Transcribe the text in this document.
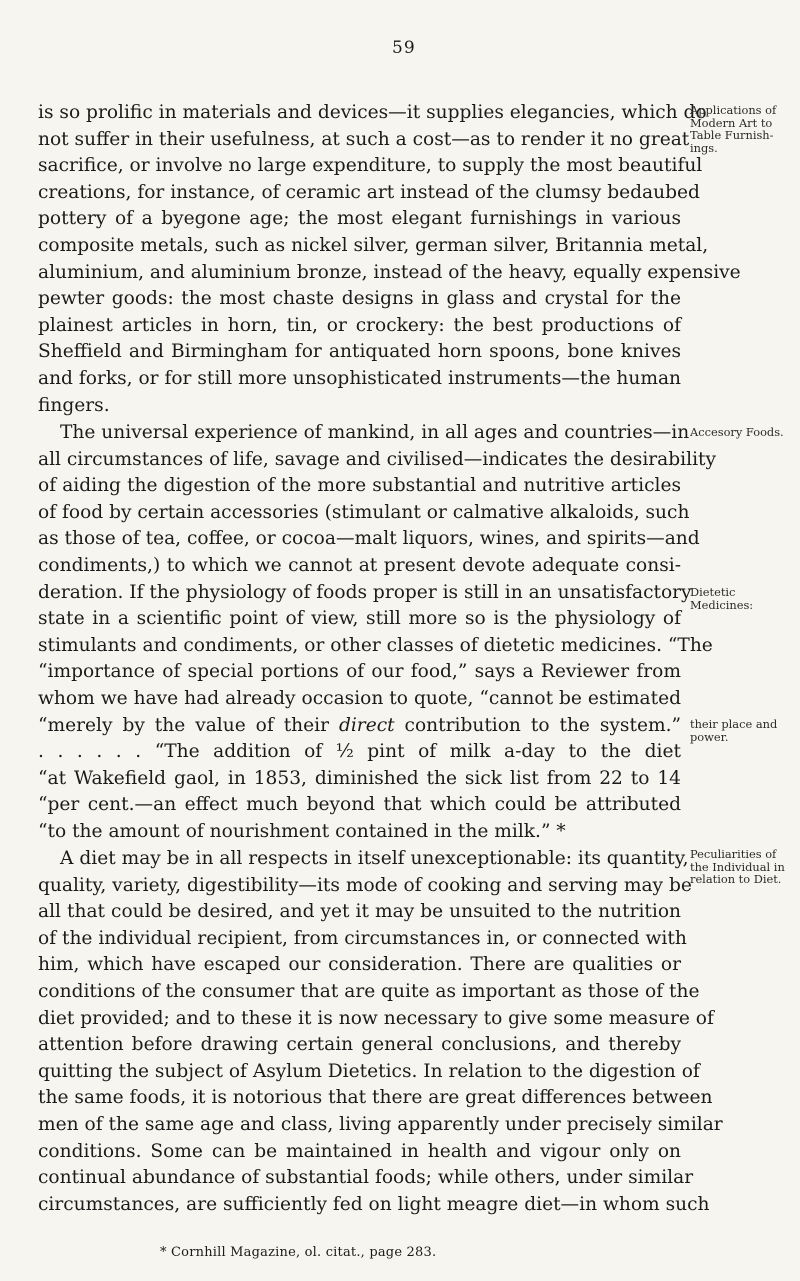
59
is so prolific in materials and devices—it supplies elegancies, which do
not suffer in their usefulness, at such a cost—as to render it no great
sacrifice, or involve no large expenditure, to supply the most beautiful
creations, for instance, of ceramic art instead of the clumsy bedaubed
pottery of a byegone age; the most elegant furnishings in various
composite metals, such as nickel silver, german silver, Britannia metal,
aluminium, and aluminium bronze, instead of the heavy, equally expensive
pewter goods: the most chaste designs in glass and crystal for the
plainest articles in horn, tin, or crockery: the best productions of
Sheffield and Birmingham for antiquated horn spoons, bone knives
and forks, or for still more unsophisticated instruments—the human
fingers.
The universal experience of mankind, in all ages and countries—in
all circumstances of life, savage and civilised—indicates the desirability
of aiding the digestion of the more substantial and nutritive articles
of food by certain accessories (stimulant or calmative alkaloids, such
as those of tea, coffee, or cocoa—malt liquors, wines, and spirits—and
condiments,) to which we cannot at present devote adequate consi-
deration. If the physiology of foods proper is still in an unsatisfactory
state in a scientific point of view, still more so is the physiology of
stimulants and condiments, or other classes of dietetic medicines. “The
“importance of special portions of our food,” says a Reviewer from
whom we have had already occasion to quote, “cannot be estimated
“merely by the value of their direct contribution to the system.”
. . . . . . “The addition of ½ pint of milk a-day to the diet
“at Wakefield gaol, in 1853, diminished the sick list from 22 to 14
“per cent.—an effect much beyond that which could be attributed
“to the amount of nourishment contained in the milk.” *
A diet may be in all respects in itself unexceptionable: its quantity,
quality, variety, digestibility—its mode of cooking and serving may be
all that could be desired, and yet it may be unsuited to the nutrition
of the individual recipient, from circumstances in, or connected with
him, which have escaped our consideration. There are qualities or
conditions of the consumer that are quite as important as those of the
diet provided; and to these it is now necessary to give some measure of
attention before drawing certain general conclusions, and thereby
quitting the subject of Asylum Dietetics. In relation to the digestion of
the same foods, it is notorious that there are great differences between
men of the same age and class, living apparently under precisely similar
conditions. Some can be maintained in health and vigour only on
continual abundance of substantial foods; while others, under similar
circumstances, are sufficiently fed on light meagre diet—in whom such
Applications of
Modern Art to
Table Furnish-
ings.
Accesory Foods.
Dietetic
Medicines:
their place and
power.
Peculiarities of
the Individual in
relation to Diet.
* Cornhill Magazine, ol. citat., page 283.
